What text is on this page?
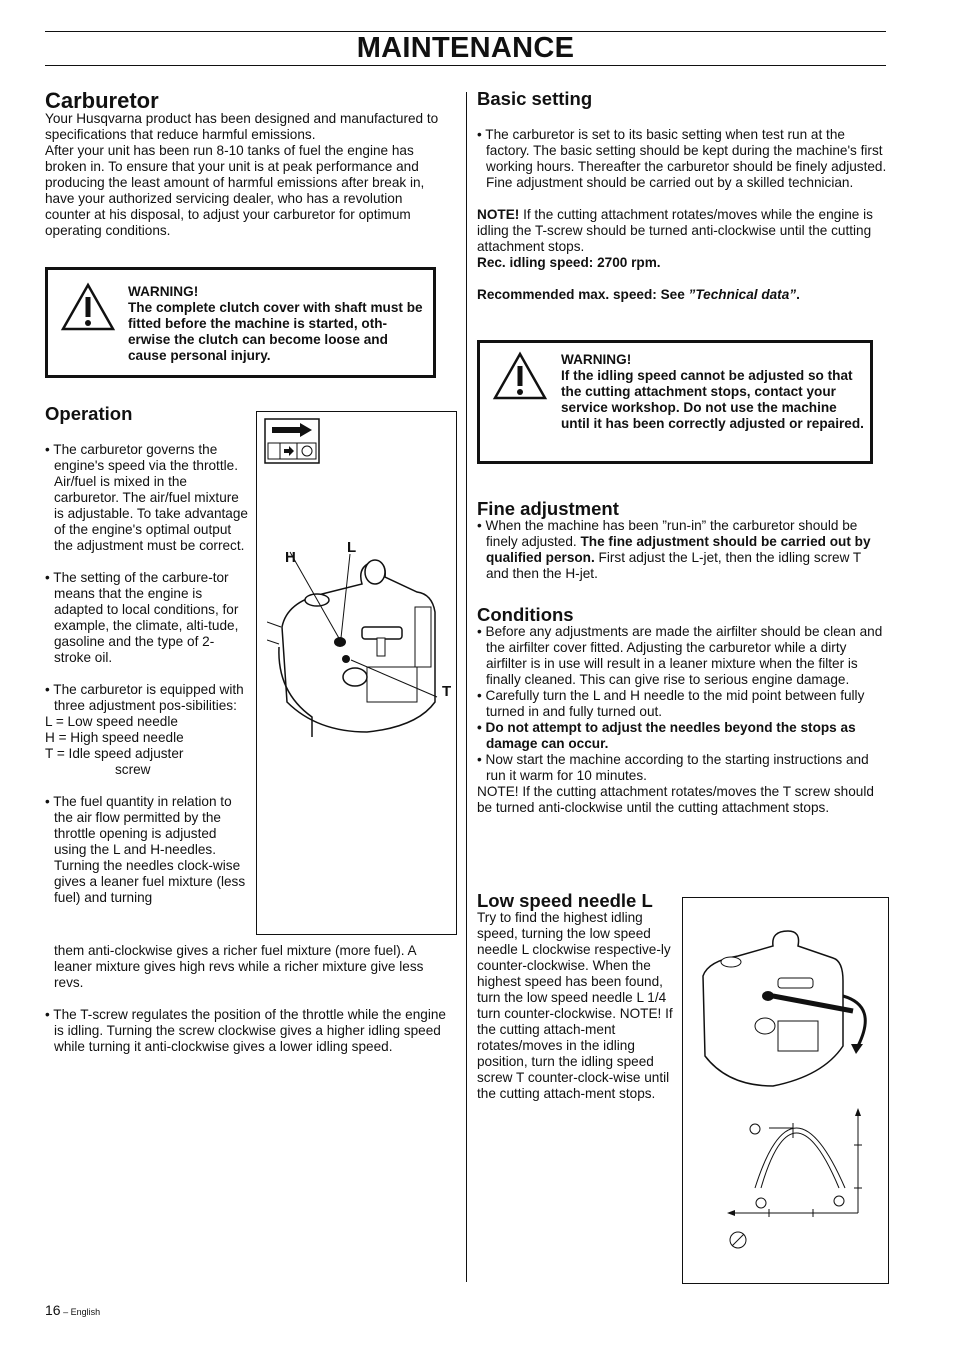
MAINTENANCE
Carburetor

Your Husqvarna product has been designed and manufactured to specifications that reduce harmful emissions.

After your unit has been run 8-10 tanks of fuel the engine has broken in. To ensure that your unit is at peak performance and producing the least amount of harmful emissions after break in, have your authorized servicing dealer, who has a revolution counter at his disposal, to adjust your carburetor for optimum operating conditions.

WARNING!

The complete clutch cover with shaft must be fitted before the machine is started, oth-erwise the clutch can become loose and cause personal injury.

Operation

• The carburetor governs the engine's speed via the throttle. Air/fuel is mixed in the carburetor. The air/fuel mixture is adjustable. To take advantage of the engine's optimal output the adjustment must be correct.

• The setting of the carbure-tor means that the engine is adapted to local conditions, for example, the climate, alti-tude, gasoline and the type of 2-stroke oil.

• The carburetor is equipped with three adjustment pos-sibilities:

L = Low speed needle

H = High speed needle

T = Idle speed adjuster

screw

• The fuel quantity in relation to the air flow permitted by the throttle opening is adjusted using the L and H-needles. Turning the needles clock-wise gives a leaner fuel mixture (less fuel) and turning

them anti-clockwise gives a richer fuel mixture (more fuel). A leaner mixture gives high revs while a richer mixture give less revs.

• The T-screw regulates the position of the throttle while the engine is idling. Turning the screw clockwise gives a higher idling speed while turning it anti-clockwise gives a lower idling speed.

H
L
T
Basic setting

• The carburetor is set to its basic setting when test run at the factory. The basic setting should be kept during the machine's first working hours. Thereafter the carburetor should be finely adjusted. Fine adjustment should be carried out by a skilled technician.

NOTE! If the cutting attachment rotates/moves while the engine is idling the T-screw should be turned anti-clockwise until the cutting attachment stops.

Rec. idling speed: 2700 rpm.

Recommended max. speed: See ”Technical data”.

WARNING!

If the idling speed cannot be adjusted so that the cutting attachment stops, contact your service workshop. Do not use the machine until it has been correctly adjusted or repaired.

Fine adjustment

• When the machine has been ”run-in” the carburetor should be finely adjusted. The fine adjustment should be carried out by qualified person. First adjust the L-jet, then the idling screw T and then the H-jet.

Conditions

• Before any adjustments are made the airfilter should be clean and the airfilter cover fitted. Adjusting the carburetor while a dirty airfilter is in use will result in a leaner mixture when the filter is finally cleaned. This can give rise to serious engine damage.

• Carefully turn the L and H needle to the mid point between fully turned in and fully turned out.

• Do not attempt to adjust the needles beyond the stops as damage can occur.

• Now start the machine according to the starting instructions and run it warm for 10 minutes.

NOTE! If the cutting attachment rotates/moves the T screw should be turned anti-clockwise until the cutting attachment stops.

Low speed needle L

Try to find the highest idling speed, turning the low speed needle L clockwise respective-ly counter-clockwise. When the highest speed has been found, turn the low speed needle L 1/4 turn counter-clockwise. NOTE! If the cutting attach-ment rotates/moves in the idling position, turn the idling speed screw T counter-clock-wise until the cutting attach-ment stops.

16 – English
